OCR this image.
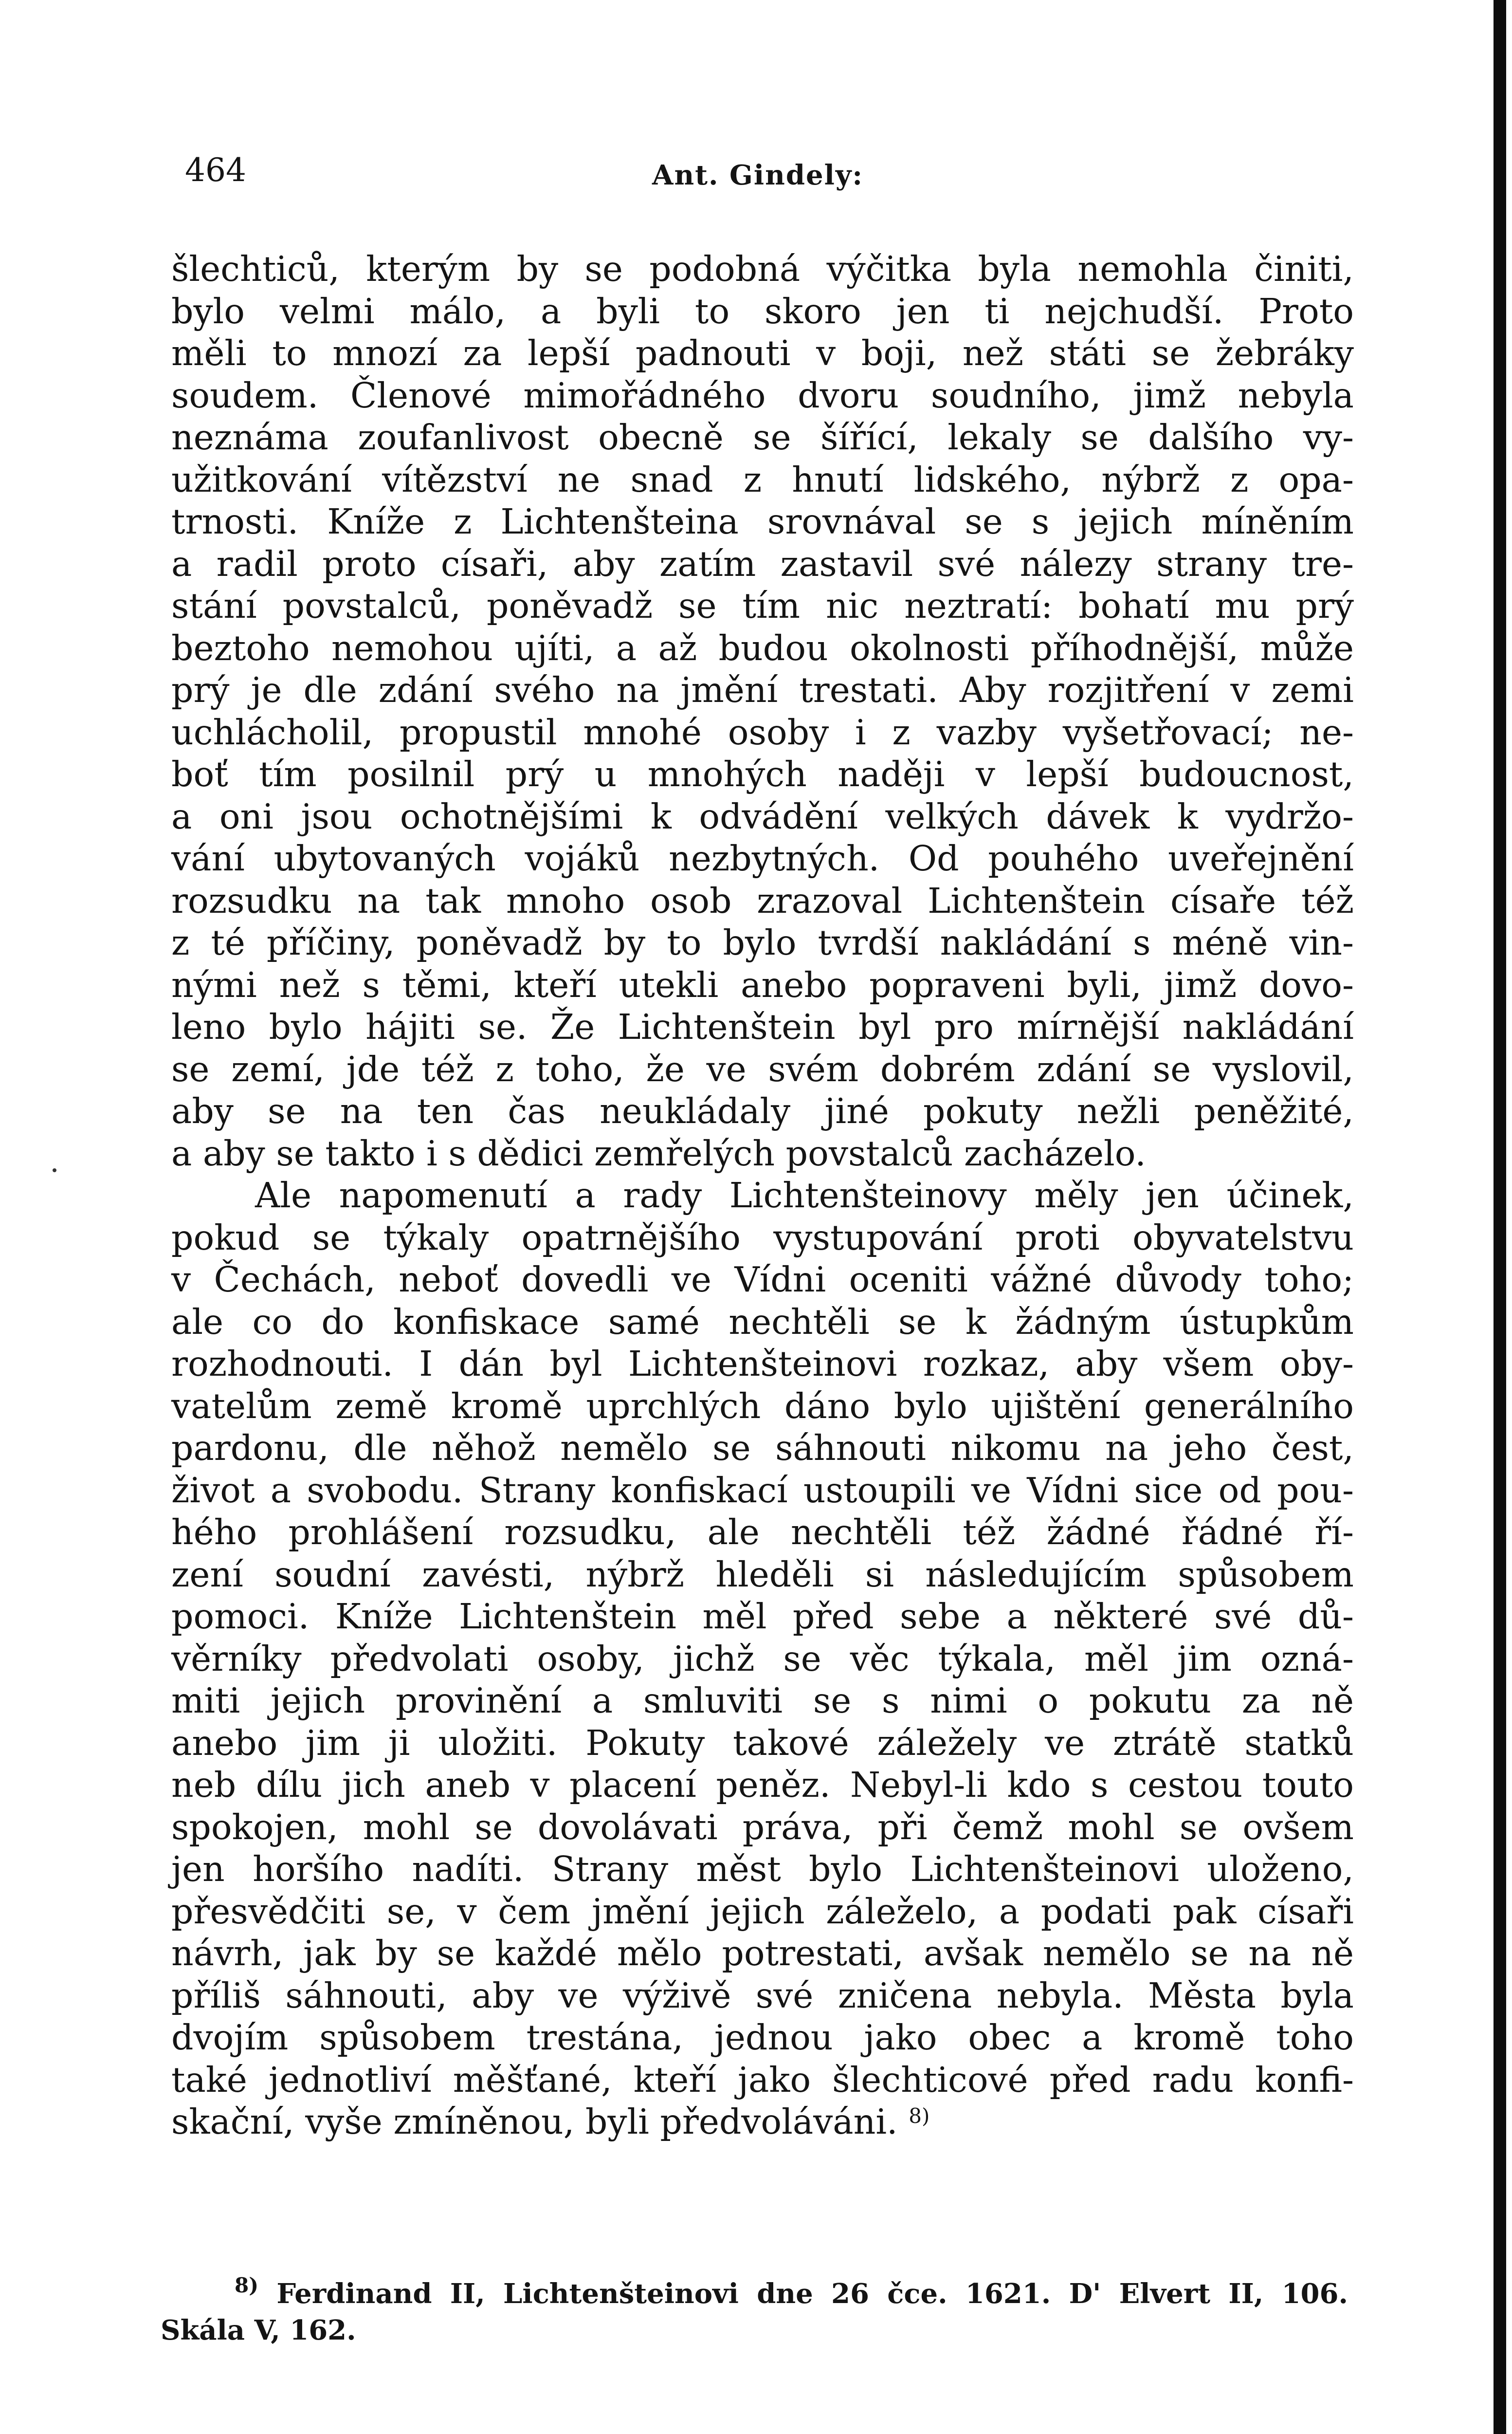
464	Ant. Gindely:
šlechticů, kterým by se podobná výčitka byla nemohla činiti,
bylo velmi málo, a byli to skoro jen ti nejchudší. Proto
měli to mnozí za lepší padnouti v boji, než státi se žebráky
soudem. Členové mimořádného dvoru soudního, jimž nebyla
neznáma zoufanlivost obecně se šířící, lekaly se dalšího vy-
užitkování vítězství ne snad z hnutí lidského, nýbrž z opa-
trnosti. Kníže z Lichtenšteina srovnával se s jejich míněním
a radil proto císaři, aby zatím zastavil své nálezy strany tre-
stání povstalců, poněvadž se tím nic neztratí: bohatí mu prý
beztoho nemohou ujíti, a až budou okolnosti příhodnější, může
prý je dle zdání svého na jmění trestati. Aby rozjitření v zemi
uchlácholil, propustil mnohé osoby i z vazby vyšetřovací; ne-
boť tím posilnil prý u mnohých naději v lepší budoucnost,
a oni jsou ochotnějšími k odvádění velkých dávek k vydržo-
vání ubytovaných vojáků nezbytných. Od pouhého uveřejnění
rozsudku na tak mnoho osob zrazoval Lichtenštein císaře též
z té příčiny, poněvadž by to bylo tvrdší nakládání s méně vin-
nými než s těmi, kteří utekli anebo popraveni byli, jimž dovo-
leno bylo hájiti se. Že Lichtenštein byl pro mírnější nakládání
se zemí, jde též z toho, že ve svém dobrém zdání se vyslovil,
aby se na ten čas neukládaly jiné pokuty nežli peněžité,
a aby se takto i s dědici zemřelých povstalců zacházelo.
Ale napomenutí a rady Lichtenšteinovy měly jen účinek,
pokud se týkaly opatrnějšího vystupování proti obyvatelstvu
v Čechách, neboť dovedli ve Vídni oceniti vážné důvody toho;
ale co do konfiskace samé nechtěli se k žádným ústupkům
rozhodnouti. I dán byl Lichtenšteinovi rozkaz, aby všem oby-
vatelům země kromě uprchlých dáno bylo ujištění generálního
pardonu, dle něhož nemělo se sáhnouti nikomu na jeho čest,
život a svobodu. Strany konfiskací ustoupili ve Vídni sice od pou-
hého prohlášení rozsudku, ale nechtěli též žádné řádné ří-
zení soudní zavésti, nýbrž hleděli si následujícím spůsobem
pomoci. Kníže Lichtenštein měl před sebe a některé své dů-
věrníky předvolati osoby, jichž se věc týkala, měl jim ozná-
miti jejich provinění a smluviti se s nimi o pokutu za ně
anebo jim ji uložiti. Pokuty takové záležely ve ztrátě statků
neb dílu jich aneb v placení peněz. Nebyl-li kdo s cestou touto
spokojen, mohl se dovolávati práva, při čemž mohl se ovšem
jen horšího nadíti. Strany měst bylo Lichtenšteinovi uloženo,
přesvědčiti se, v čem jmění jejich záleželo, a podati pak císaři
návrh, jak by se každé mělo potrestati, avšak nemělo se na ně
příliš sáhnouti, aby ve výživě své zničena nebyla. Města byla
dvojím spůsobem trestána, jednou jako obec a kromě toho
také jednotliví měšťané, kteří jako šlechticové před radu konfi-
skační, vyše zmíněnou, byli předvoláváni. $^{8)}$
$^{8)}$ Ferdinand II, Lichtenšteinovi dne 26 čce. 1621. D' Elvert II, 106.
Skála V, 162.
